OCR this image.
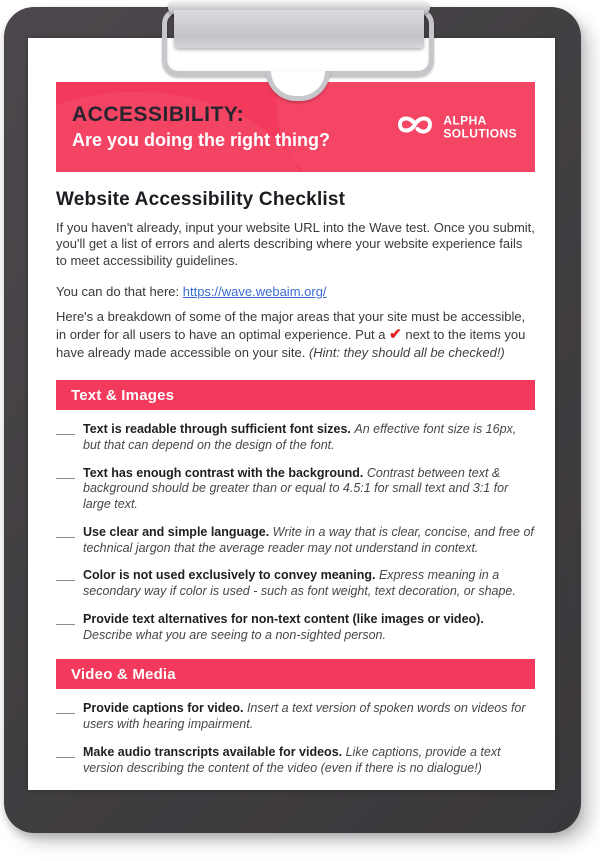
ACCESSIBILITY:
Are you doing the right thing?
ALPHA
SOLUTIONS
Website Accessibility Checklist
If you haven't already, input your website URL into the Wave test. Once you submit, you'll get a list of errors and alerts describing where your website experience fails to meet accessibility guidelines.
You can do that here: https://wave.webaim.org/
Here's a breakdown of some of the major areas that your site must be accessible, in order for all users to have an optimal experience. Put a ✔ next to the items you have already made accessible on your site. (Hint: they should all be checked!)
Text & Images
Text is readable through sufficient font sizes. An effective font size is 16px, but that can depend on the design of the font.
Text has enough contrast with the background. Contrast between text & background should be greater than or equal to 4.5:1 for small text and 3:1 for large text.
Use clear and simple language. Write in a way that is clear, concise, and free of technical jargon that the average reader may not understand in context.
Color is not used exclusively to convey meaning. Express meaning in a secondary way if color is used - such as font weight, text decoration, or shape.
Provide text alternatives for non-text content (like images or video). Describe what you are seeing to a non-sighted person.
Video & Media
Provide captions for video. Insert a text version of spoken words on videos for users with hearing impairment.
Make audio transcripts available for videos. Like captions, provide a text version describing the content of the video (even if there is no dialogue!)
